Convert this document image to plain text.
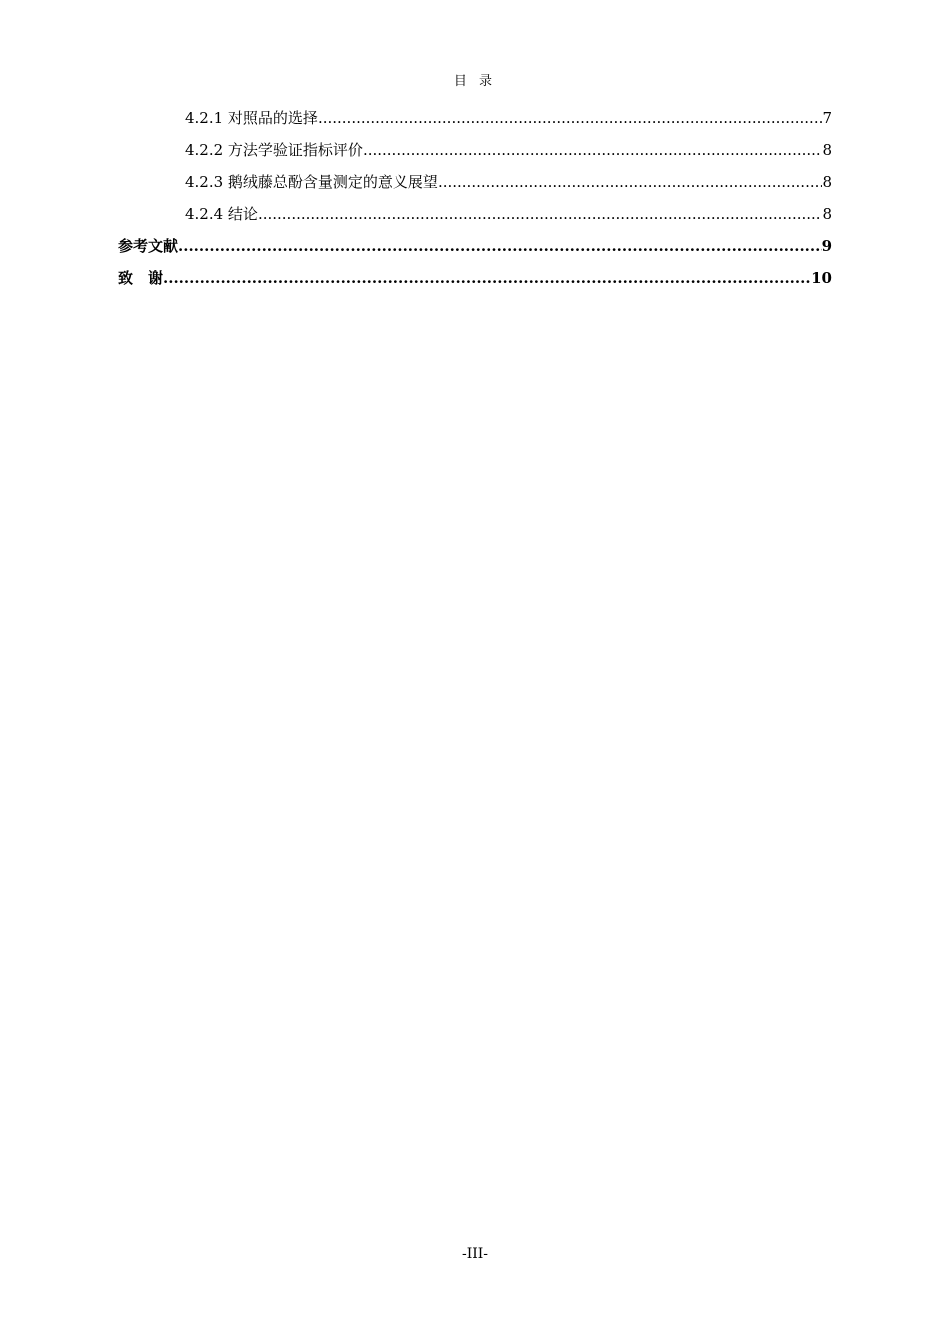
目 录
4.2.1 对照品的选择 .....	7
4.2.2 方法学验证指标评价 .....	8
4.2.3 鹅绒藤总酚含量测定的意义展望 .....	8
4.2.4 结论 .....	8
参考文献 .....	9
致　谢 .....	10
-III-
